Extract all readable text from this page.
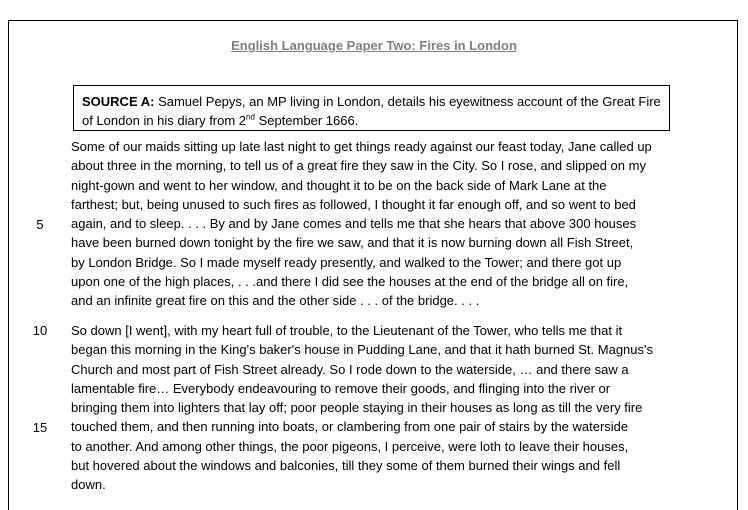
English Language Paper Two: Fires in London
SOURCE A: Samuel Pepys, an MP living in London, details his eyewitness account of the Great Fire of London in his diary from 2nd September 1666.
Some of our maids sitting up late last night to get things ready against our feast today, Jane called up
about three in the morning, to tell us of a great fire they saw in the City. So I rose, and slipped on my
night-gown and went to her window, and thought it to be on the back side of Mark Lane at the
farthest; but, being unused to such fires as followed, I thought it far enough off, and so went to bed
again, and to sleep. . . . By and by Jane comes and tells me that she hears that above 300 houses
have been burned down tonight by the fire we saw, and that it is now burning down all Fish Street,
by London Bridge. So I made myself ready presently, and walked to the Tower; and there got up
upon one of the high places, . . .and there I did see the houses at the end of the bridge all on fire,
and an infinite great fire on this and the other side . . . of the bridge. . . .
So down [I went], with my heart full of trouble, to the Lieutenant of the Tower, who tells me that it
began this morning in the King's baker's house in Pudding Lane, and that it hath burned St. Magnus's
Church and most part of Fish Street already. So I rode down to the waterside, … and there saw a
lamentable fire… Everybody endeavouring to remove their goods, and flinging into the river or
bringing them into lighters that lay off; poor people staying in their houses as long as till the very fire
touched them, and then running into boats, or clambering from one pair of stairs by the waterside
to another. And among other things, the poor pigeons, I perceive, were loth to leave their houses,
but hovered about the windows and balconies, till they some of them burned their wings and fell
down.
5
10
15
